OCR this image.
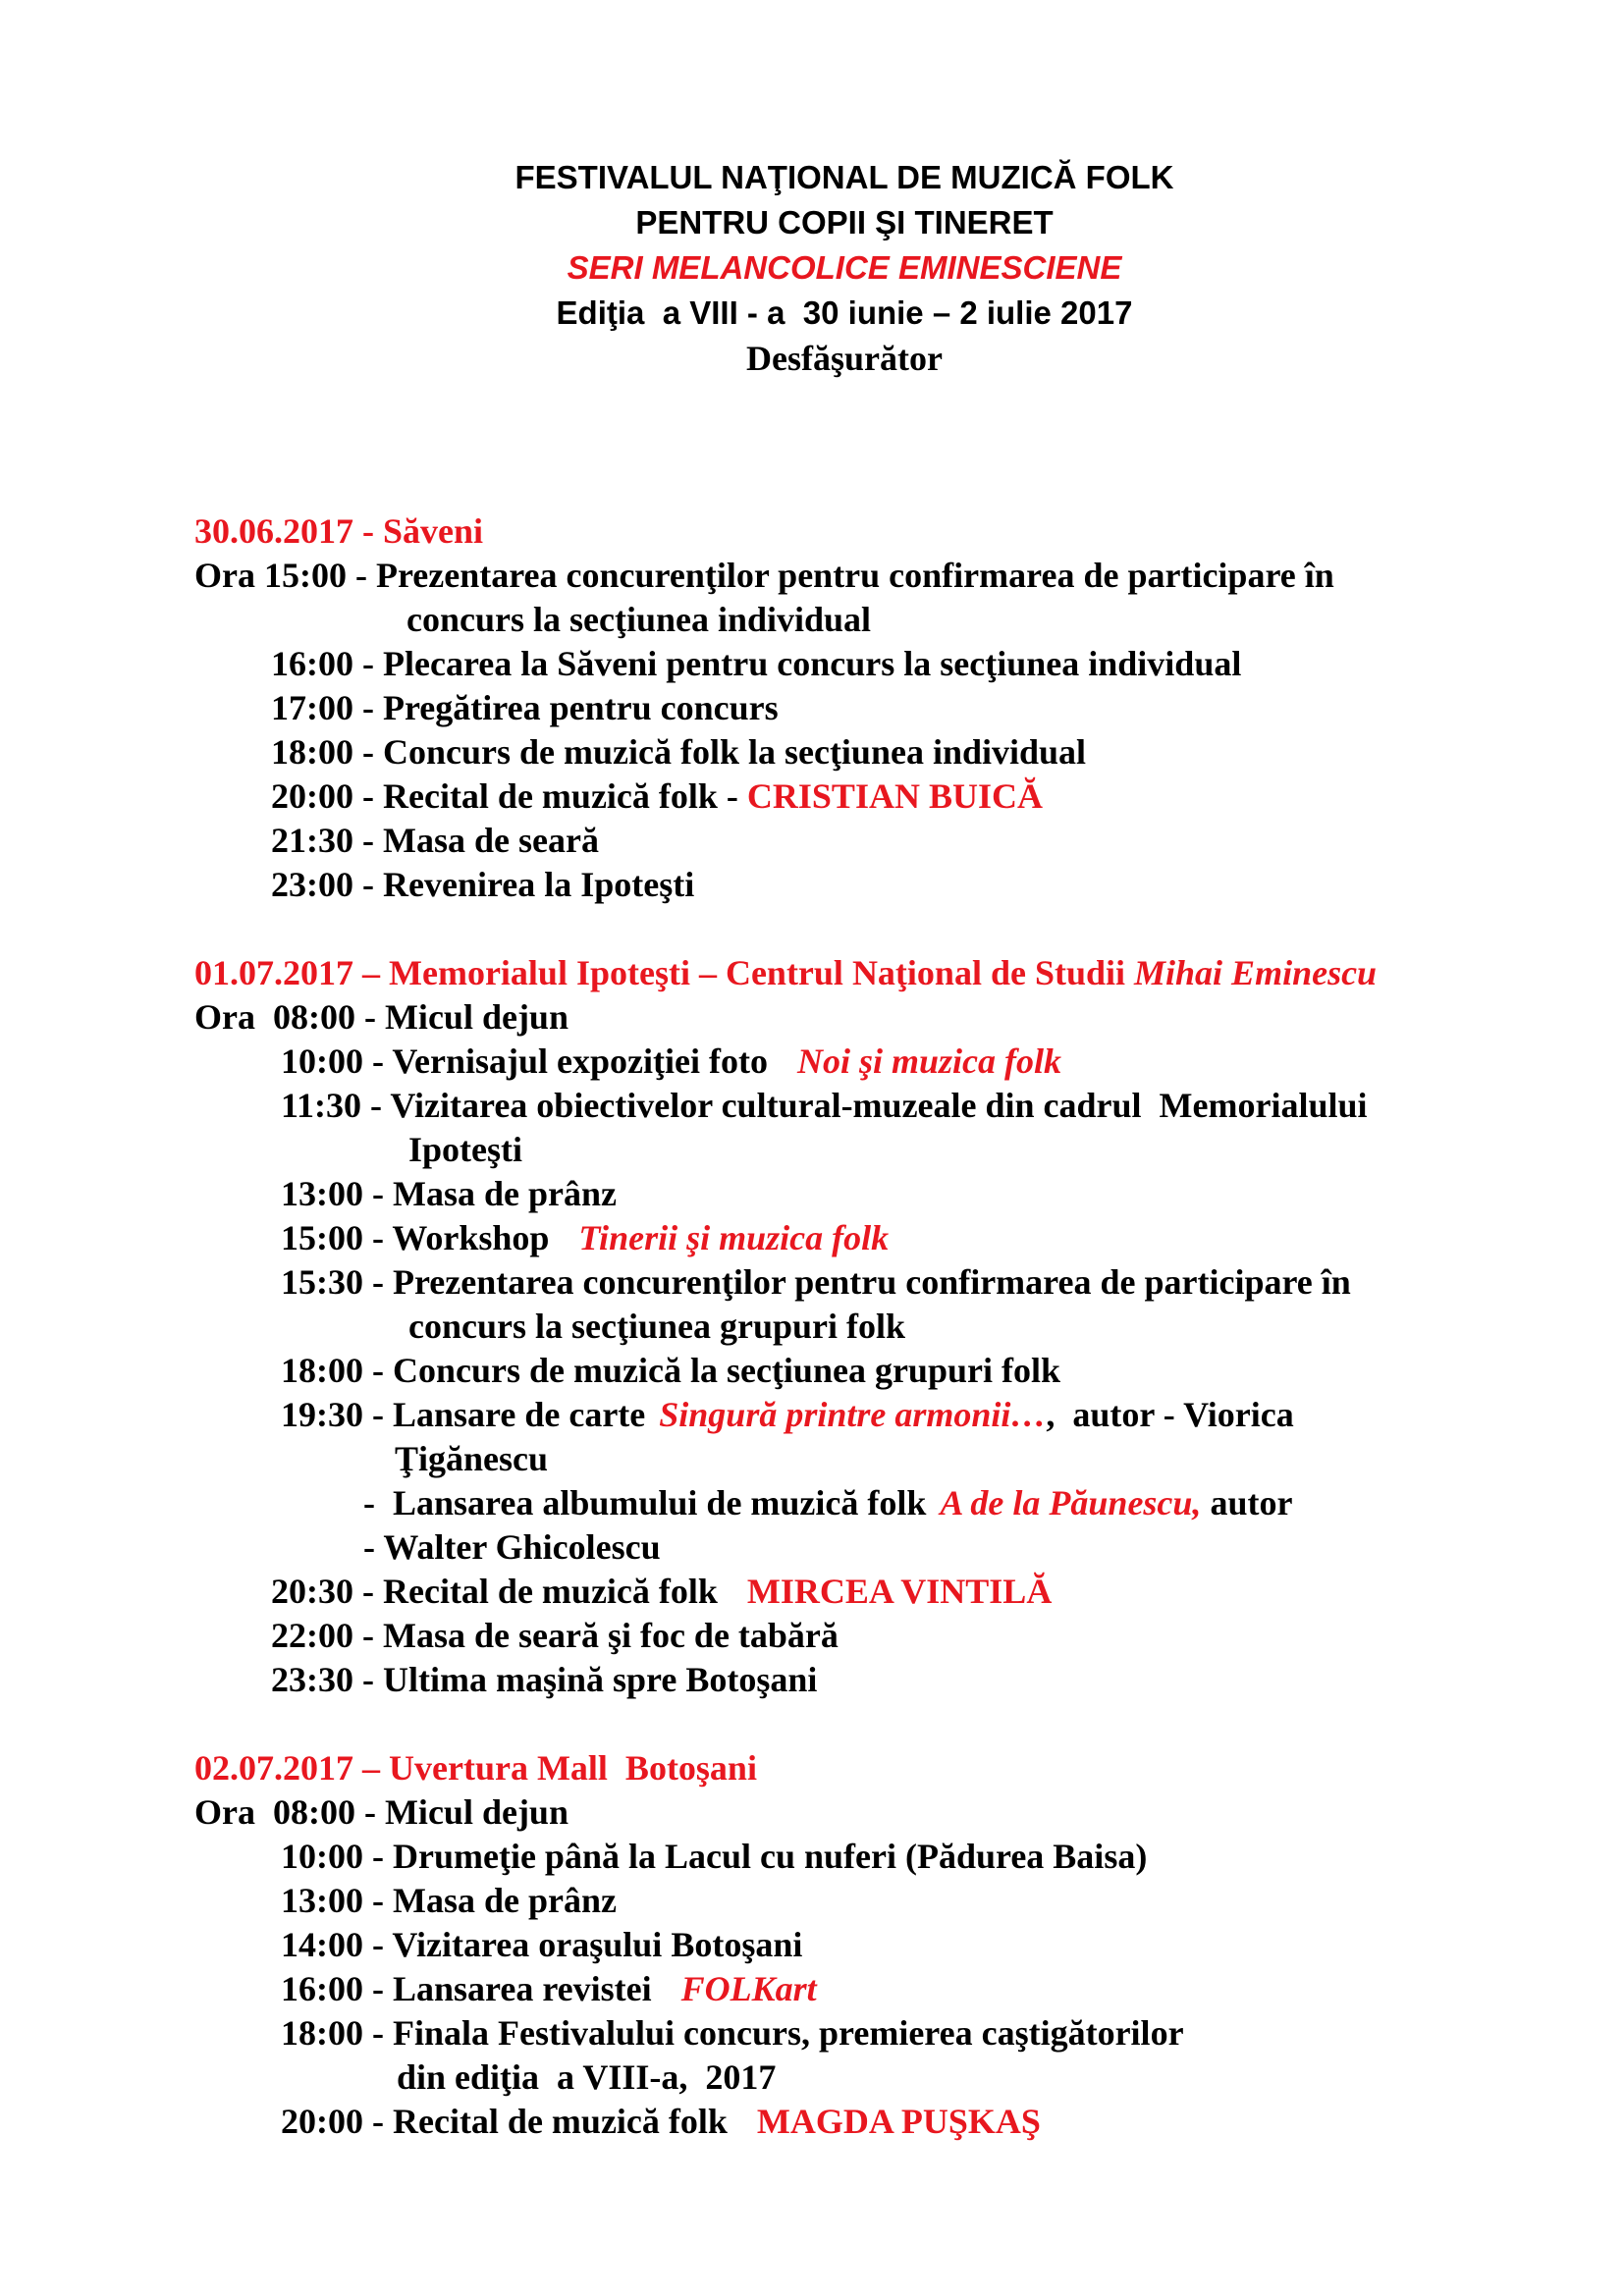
FESTIVALUL NAŢIONAL DE MUZICĂ FOLK
PENTRU COPII ŞI TINERET
SERI MELANCOLICE EMINESCIENE
Ediţia  a VIII - a  30 iunie – 2 iulie 2017
Desfăşurător
30.06.2017 - Săveni
Ora 15:00 - Prezentarea concurenţilor pentru confirmarea de participare în
concurs la secţiunea individual
16:00 - Plecarea la Săveni pentru concurs la secţiunea individual
17:00 - Pregătirea pentru concurs
18:00 - Concurs de muzică folk la secţiunea individual
20:00 - Recital de muzică folk - CRISTIAN BUICĂ
21:30 - Masa de seară
23:00 - Revenirea la Ipoteşti
01.07.2017 – Memorialul Ipoteşti – Centrul Naţional de Studii Mihai Eminescu
Ora  08:00 - Micul dejun
10:00 - Vernisajul expoziţiei foto Noi şi muzica folk
11:30 - Vizitarea obiectivelor cultural-muzeale din cadrul  Memorialului
Ipoteşti
13:00 - Masa de prânz
15:00 - Workshop Tinerii şi muzica folk
15:30 - Prezentarea concurenţilor pentru confirmarea de participare în
concurs la secţiunea grupuri folk
18:00 - Concurs de muzică la secţiunea grupuri folk
19:30 - Lansare de carte Singură printre armonii…,  autor - Viorica
Ţigănescu
-  Lansarea albumului de muzică folk A de la Păunescu, autor
- Walter Ghicolescu
20:30 - Recital de muzică folk MIRCEA VINTILĂ
22:00 - Masa de seară şi foc de tabără
23:30 - Ultima maşină spre Botoşani
02.07.2017 – Uvertura Mall  Botoşani
Ora  08:00 - Micul dejun
10:00 - Drumeţie până la Lacul cu nuferi (Pădurea Baisa)
13:00 - Masa de prânz
14:00 - Vizitarea oraşului Botoşani
16:00 - Lansarea revistei FOLKart
18:00 - Finala Festivalului concurs, premierea caştigătorilor
din ediţia  a VIII-a,  2017
20:00 - Recital de muzică folk MAGDA PUŞKAŞ
